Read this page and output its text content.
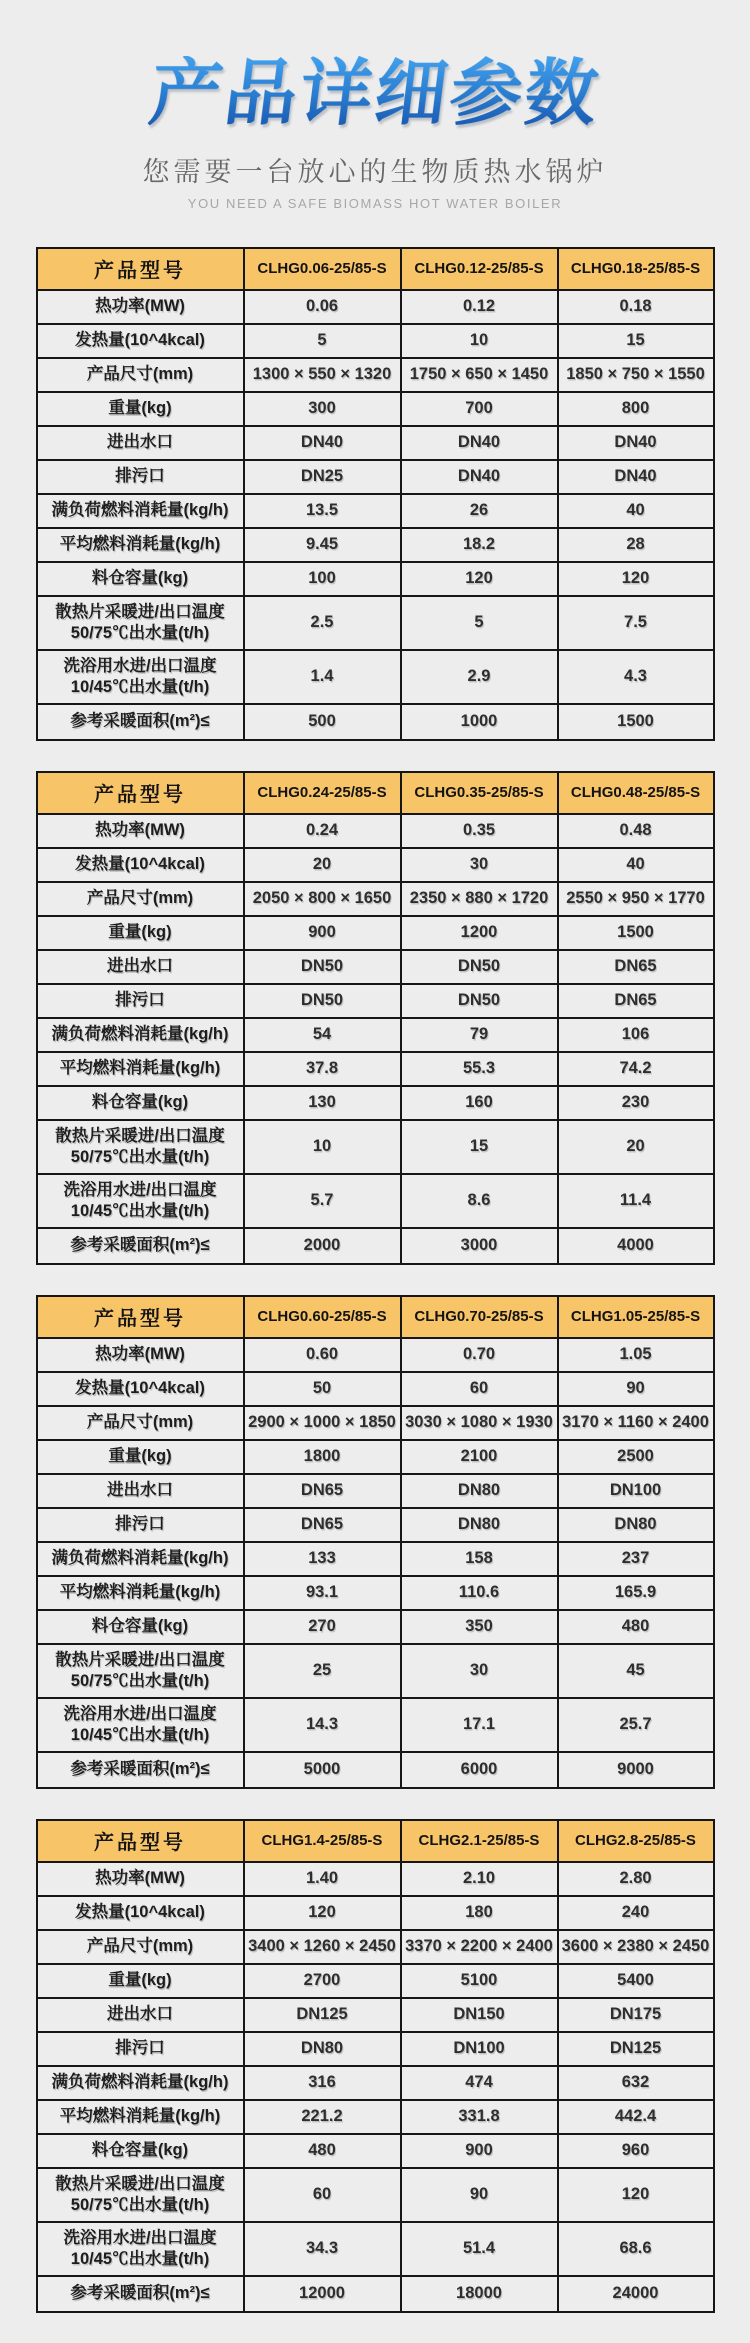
产品详细参数
您需要一台放心的生物质热水锅炉
YOU NEED A SAFE BIOMASS HOT WATER BOILER
产品型号	CLHG0.06-25/85-S	CLHG0.12-25/85-S	CLHG0.18-25/85-S
热功率(MW)	0.06	0.12	0.18
发热量(10^4kcal)	5	10	15
产品尺寸(mm)	1300 × 550 × 1320	1750 × 650 × 1450	1850 × 750 × 1550
重量(kg)	300	700	800
进出水口	DN40	DN40	DN40
排污口	DN25	DN40	DN40
满负荷燃料消耗量(kg/h)	13.5	26	40
平均燃料消耗量(kg/h)	9.45	18.2	28
料仓容量(kg)	100	120	120
散热片采暖进/出口温度50/75℃出水量(t/h)	2.5	5	7.5
洗浴用水进/出口温度10/45℃出水量(t/h)	1.4	2.9	4.3
参考采暖面积(m²)≤	500	1000	1500
产品型号	CLHG0.24-25/85-S	CLHG0.35-25/85-S	CLHG0.48-25/85-S
热功率(MW)	0.24	0.35	0.48
发热量(10^4kcal)	20	30	40
产品尺寸(mm)	2050 × 800 × 1650	2350 × 880 × 1720	2550 × 950 × 1770
重量(kg)	900	1200	1500
进出水口	DN50	DN50	DN65
排污口	DN50	DN50	DN65
满负荷燃料消耗量(kg/h)	54	79	106
平均燃料消耗量(kg/h)	37.8	55.3	74.2
料仓容量(kg)	130	160	230
散热片采暖进/出口温度50/75℃出水量(t/h)	10	15	20
洗浴用水进/出口温度10/45℃出水量(t/h)	5.7	8.6	11.4
参考采暖面积(m²)≤	2000	3000	4000
产品型号	CLHG0.60-25/85-S	CLHG0.70-25/85-S	CLHG1.05-25/85-S
热功率(MW)	0.60	0.70	1.05
发热量(10^4kcal)	50	60	90
产品尺寸(mm)	2900 × 1000 × 1850	3030 × 1080 × 1930	3170 × 1160 × 2400
重量(kg)	1800	2100	2500
进出水口	DN65	DN80	DN100
排污口	DN65	DN80	DN80
满负荷燃料消耗量(kg/h)	133	158	237
平均燃料消耗量(kg/h)	93.1	110.6	165.9
料仓容量(kg)	270	350	480
散热片采暖进/出口温度50/75℃出水量(t/h)	25	30	45
洗浴用水进/出口温度10/45℃出水量(t/h)	14.3	17.1	25.7
参考采暖面积(m²)≤	5000	6000	9000
产品型号	CLHG1.4-25/85-S	CLHG2.1-25/85-S	CLHG2.8-25/85-S
热功率(MW)	1.40	2.10	2.80
发热量(10^4kcal)	120	180	240
产品尺寸(mm)	3400 × 1260 × 2450	3370 × 2200 × 2400	3600 × 2380 × 2450
重量(kg)	2700	5100	5400
进出水口	DN125	DN150	DN175
排污口	DN80	DN100	DN125
满负荷燃料消耗量(kg/h)	316	474	632
平均燃料消耗量(kg/h)	221.2	331.8	442.4
料仓容量(kg)	480	900	960
散热片采暖进/出口温度50/75℃出水量(t/h)	60	90	120
洗浴用水进/出口温度10/45℃出水量(t/h)	34.3	51.4	68.6
参考采暖面积(m²)≤	12000	18000	24000
